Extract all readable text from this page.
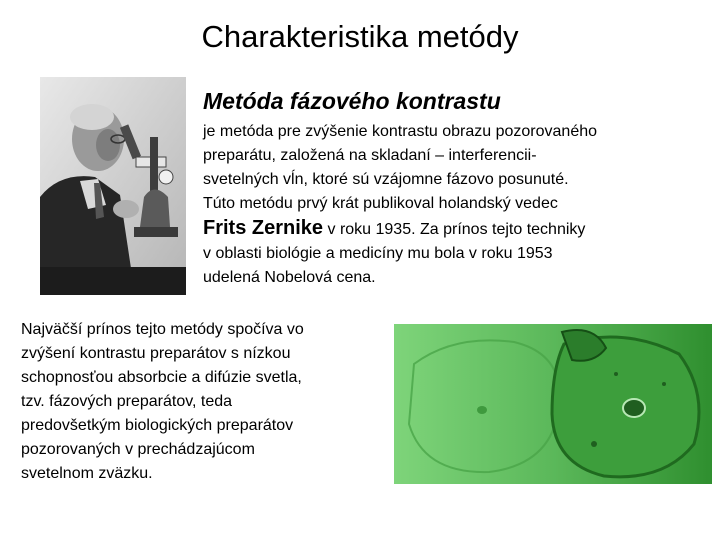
Charakteristika metódy
Metóda fázového kontrastu

je metóda pre zvýšenie kontrastu obrazu pozorovaného

preparátu, založená na skladaní – interferencii-

svetelných vĺn, ktoré sú vzájomne fázovo posunuté.

Túto metódu prvý krát publikoval holandský vedec

Frits Zernike v roku 1935. Za prínos tejto techniky

v oblasti biológie a medicíny mu bola v roku 1953

udelená Nobelová cena.

Najväčší prínos tejto metódy spočíva vo
zvýšení kontrastu preparátov s nízkou
schopnosťou absorbcie a difúzie svetla,
tzv. fázových preparátov, teda
predovšetkým biologických preparátov
pozorovaných v prechádzajúcom
svetelnom zväzku.
